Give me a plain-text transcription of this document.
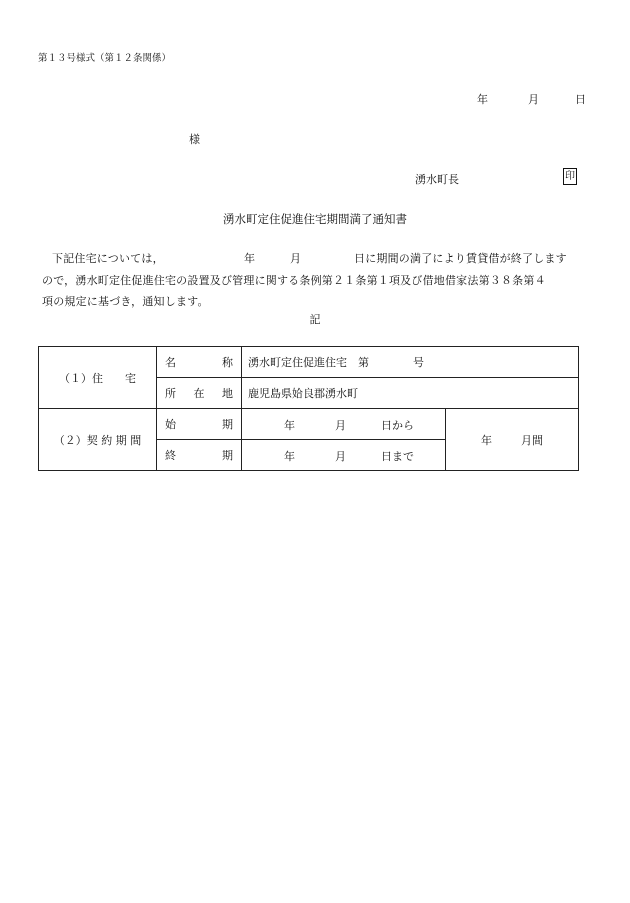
第１３号様式（第１２条関係）
年	月	日
様
湧水町長	印
湧水町定住促進住宅期間満了通知書
下記住宅については，	年	月	日に期間の満了により賃貸借が終了します
ので，湧水町定住促進住宅の設置及び管理に関する条例第２１条第１項及び借地借家法第３８条第４
項の規定に基づき，通知します。
記
（１）住　　宅	名 称	湧水町定住促進住宅　第　　　　号	

	所 在 地	鹿児島県姶良郡湧水町	
（２）契 約 期 間	始 期	年 月 日から	年 月間

	終 期	年 月 日まで	
